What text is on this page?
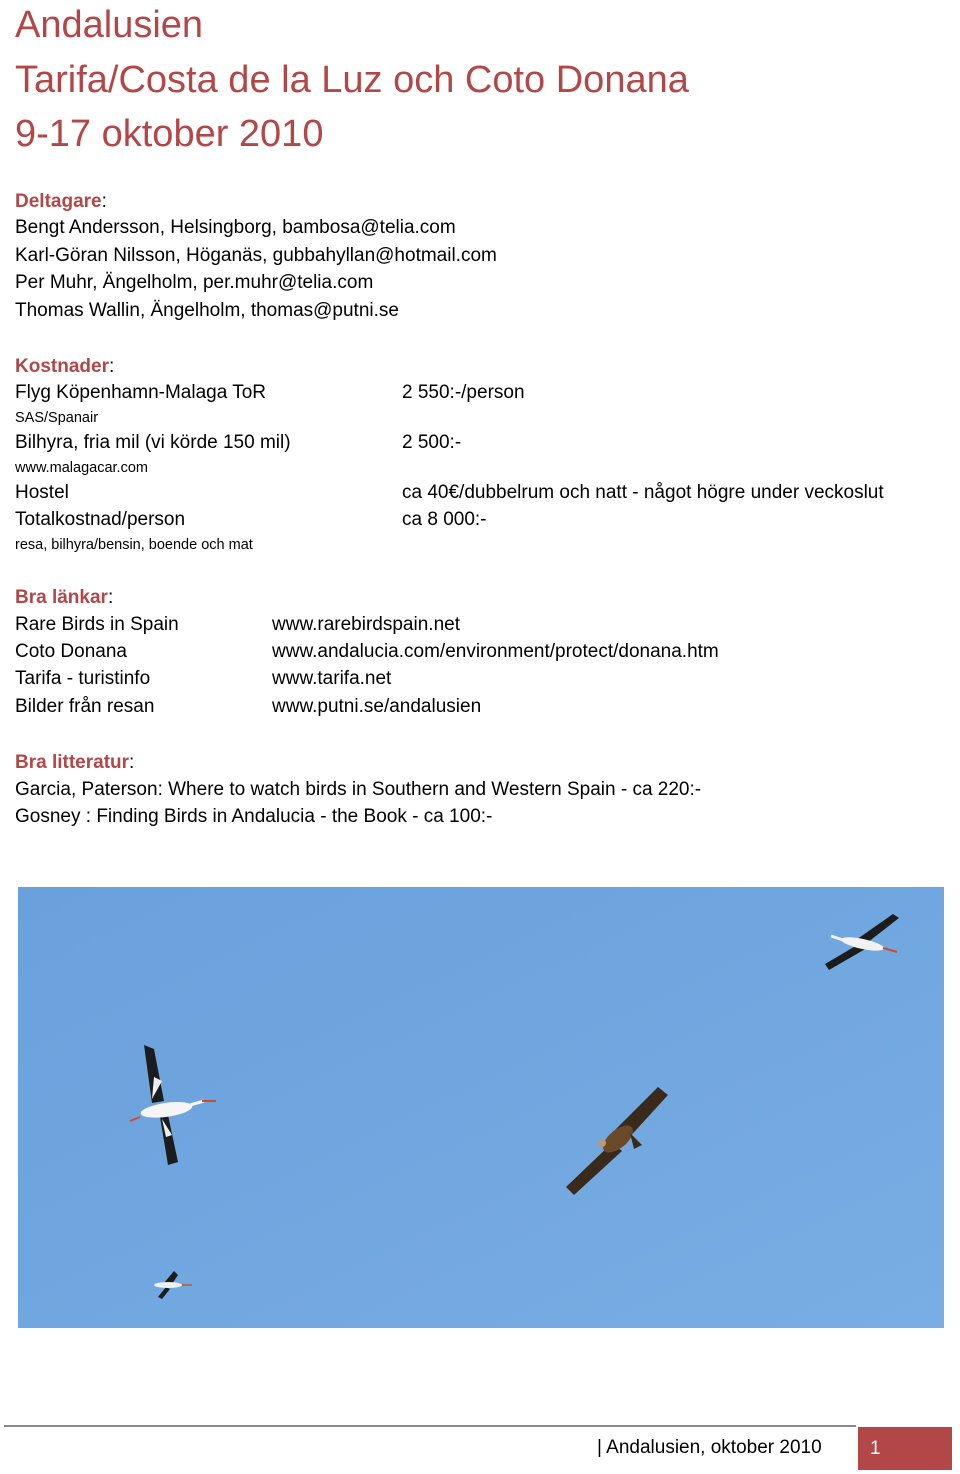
Andalusien
Tarifa/Costa de la Luz och Coto Donana
9-17 oktober 2010
Deltagare:
Bengt Andersson, Helsingborg, bambosa@telia.com
Karl-Göran Nilsson, Höganäs, gubbahyllan@hotmail.com
Per Muhr, Ängelholm, per.muhr@telia.com
Thomas Wallin, Ängelholm, thomas@putni.se
Kostnader:
Flyg Köpenhamn-Malaga ToR	2 550:-/person
SAS/Spanair
Bilhyra, fria mil (vi körde 150 mil)	2 500:-
www.malagacar.com
Hostel	ca 40€/dubbelrum och natt - något högre under veckoslut
Totalkostnad/person	ca 8 000:-
resa, bilhyra/bensin, boende och mat
Bra länkar:
Rare Birds in Spain	www.rarebirdspain.net
Coto Donana	www.andalucia.com/environment/protect/donana.htm
Tarifa - turistinfo	www.tarifa.net
Bilder från resan	www.putni.se/andalusien
Bra litteratur:
Garcia, Paterson: Where to watch birds in Southern and Western Spain - ca 220:-
Gosney : Finding Birds in Andalucia - the Book - ca 100:-
| Andalusien, oktober 2010	1
